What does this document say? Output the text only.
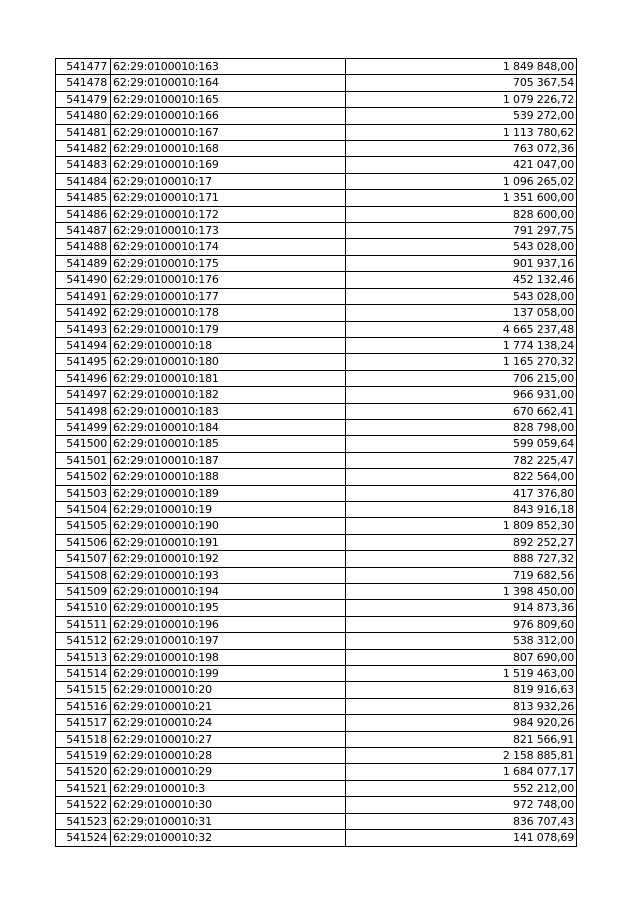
541477	62:29:0100010:163	1 849 848,00
541478	62:29:0100010:164	705 367,54
541479	62:29:0100010:165	1 079 226,72
541480	62:29:0100010:166	539 272,00
541481	62:29:0100010:167	1 113 780,62
541482	62:29:0100010:168	763 072,36
541483	62:29:0100010:169	421 047,00
541484	62:29:0100010:17	1 096 265,02
541485	62:29:0100010:171	1 351 600,00
541486	62:29:0100010:172	828 600,00
541487	62:29:0100010:173	791 297,75
541488	62:29:0100010:174	543 028,00
541489	62:29:0100010:175	901 937,16
541490	62:29:0100010:176	452 132,46
541491	62:29:0100010:177	543 028,00
541492	62:29:0100010:178	137 058,00
541493	62:29:0100010:179	4 665 237,48
541494	62:29:0100010:18	1 774 138,24
541495	62:29:0100010:180	1 165 270,32
541496	62:29:0100010:181	706 215,00
541497	62:29:0100010:182	966 931,00
541498	62:29:0100010:183	670 662,41
541499	62:29:0100010:184	828 798,00
541500	62:29:0100010:185	599 059,64
541501	62:29:0100010:187	782 225,47
541502	62:29:0100010:188	822 564,00
541503	62:29:0100010:189	417 376,80
541504	62:29:0100010:19	843 916,18
541505	62:29:0100010:190	1 809 852,30
541506	62:29:0100010:191	892 252,27
541507	62:29:0100010:192	888 727,32
541508	62:29:0100010:193	719 682,56
541509	62:29:0100010:194	1 398 450,00
541510	62:29:0100010:195	914 873,36
541511	62:29:0100010:196	976 809,60
541512	62:29:0100010:197	538 312,00
541513	62:29:0100010:198	807 690,00
541514	62:29:0100010:199	1 519 463,00
541515	62:29:0100010:20	819 916,63
541516	62:29:0100010:21	813 932,26
541517	62:29:0100010:24	984 920,26
541518	62:29:0100010:27	821 566,91
541519	62:29:0100010:28	2 158 885,81
541520	62:29:0100010:29	1 684 077,17
541521	62:29:0100010:3	552 212,00
541522	62:29:0100010:30	972 748,00
541523	62:29:0100010:31	836 707,43
541524	62:29:0100010:32	141 078,69
